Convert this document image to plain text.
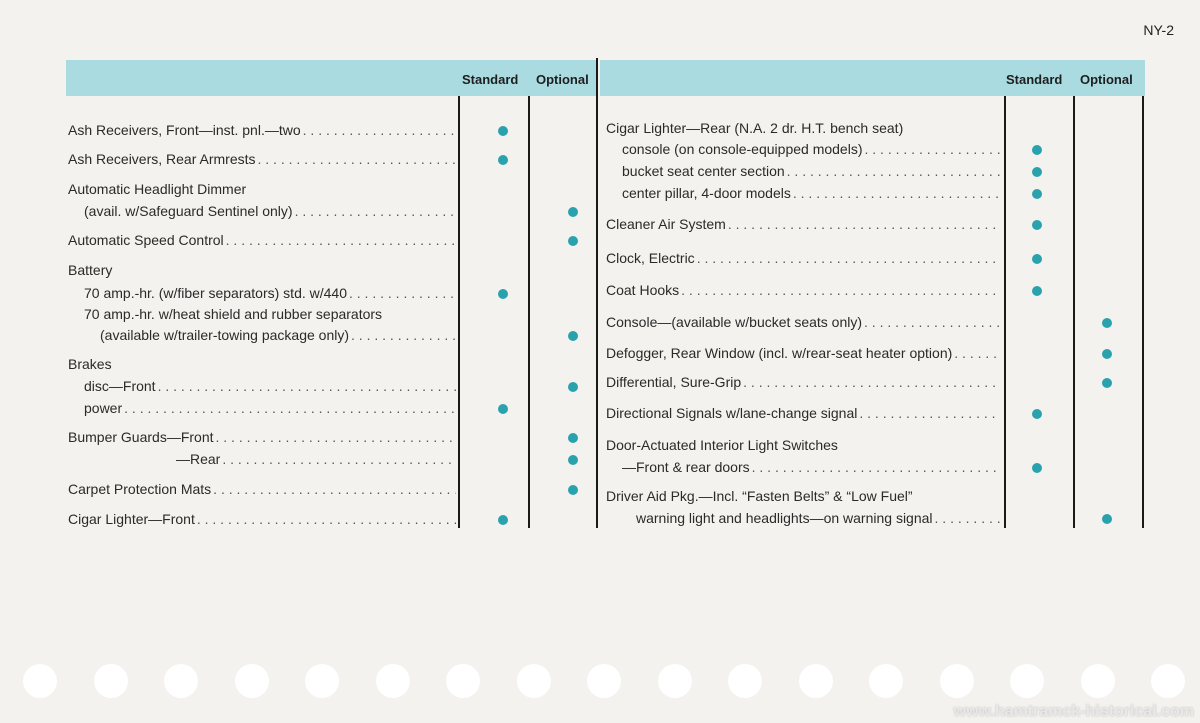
NY-2
Standard Optional	Standard Optional
Ash Receivers, Front—inst. pnl.—two
. . .
Ash Receivers, Rear Armrests
. . .
Automatic Headlight Dimmer
(avail. w/Safeguard Sentinel only)
. . .
Automatic Speed Control
. . .
Battery
70 amp.-hr. (w/fiber separators) std. w/440
. . .
70 amp.-hr. w/heat shield and rubber separators
(available w/trailer-towing package only)
. . .
Brakes
disc—Front
. . .
power
. . .
Bumper Guards—Front
. . .
—Rear
. . .
Carpet Protection Mats
. . .
Cigar Lighter—Front
. . .
Cigar Lighter—Rear (N.A. 2 dr. H.T. bench seat)
console (on console-equipped models)
. . .
bucket seat center section
. . .
center pillar, 4-door models
. . .
Cleaner Air System
. . .
Clock, Electric
. . .
Coat Hooks
. . .
Console—(available w/bucket seats only)
. . .
Defogger, Rear Window (incl. w/rear-seat heater option)
. . .
Differential, Sure-Grip
. . .
Directional Signals w/lane-change signal
. . .
Door-Actuated Interior Light Switches
—Front & rear doors
. . .
Driver Aid Pkg.—Incl. “Fasten Belts” & “Low Fuel”
warning light and headlights—on warning signal
. . .
www.hamtramck-historical.com
